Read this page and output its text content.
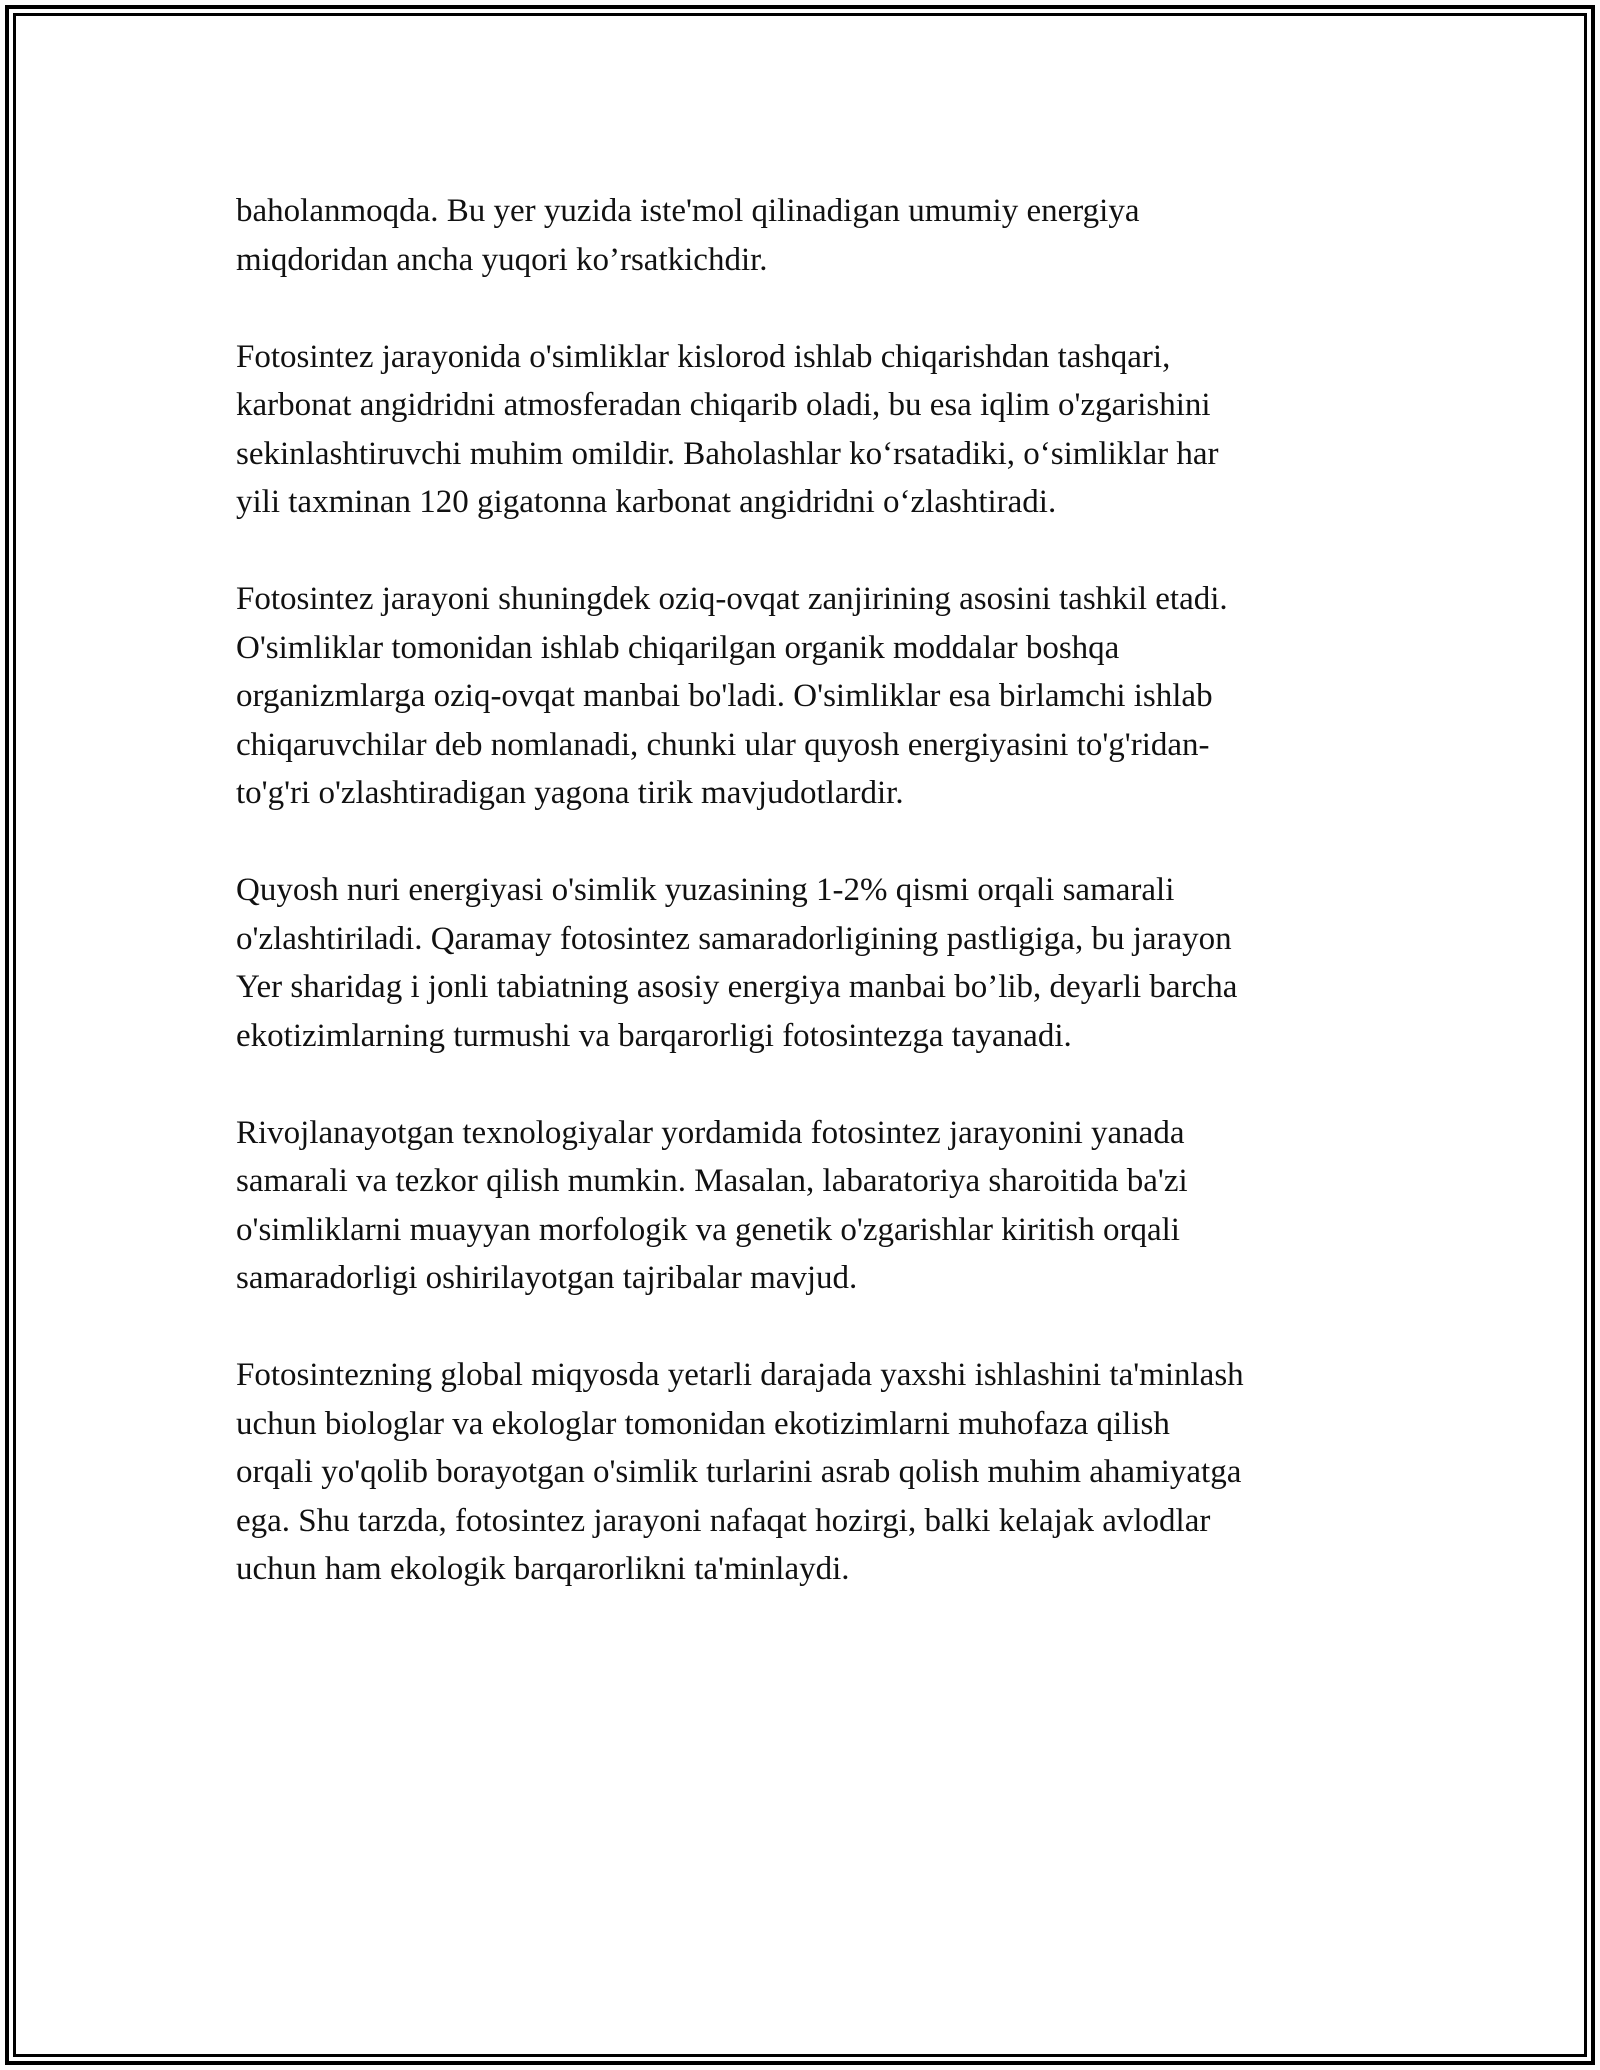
baholanmoqda. Bu yer yuzida iste'mol qilinadigan umumiy energiya
miqdoridan ancha yuqori ko’rsatkichdir.

Fotosintez jarayonida o'simliklar kislorod ishlab chiqarishdan tashqari,
karbonat angidridni atmosferadan chiqarib oladi, bu esa iqlim o'zgarishini
sekinlashtiruvchi muhim omildir. Baholashlar ko‘rsatadiki, o‘simliklar har
yili taxminan 120 gigatonna karbonat angidridni o‘zlashtiradi.

Fotosintez jarayoni shuningdek oziq-ovqat zanjirining asosini tashkil etadi.
O'simliklar tomonidan ishlab chiqarilgan organik moddalar boshqa
organizmlarga oziq-ovqat manbai bo'ladi. O'simliklar esa birlamchi ishlab
chiqaruvchilar deb nomlanadi, chunki ular quyosh energiyasini to'g'ridan-
to'g'ri o'zlashtiradigan yagona tirik mavjudotlardir.

Quyosh nuri energiyasi o'simlik yuzasining 1-2% qismi orqali samarali
o'zlashtiriladi. Qaramay fotosintez samaradorligining pastligiga, bu jarayon
Yer sharidag i jonli tabiatning asosiy energiya manbai bo’lib, deyarli barcha
ekotizimlarning turmushi va barqarorligi fotosintezga tayanadi.

Rivojlanayotgan texnologiyalar yordamida fotosintez jarayonini yanada
samarali va tezkor qilish mumkin. Masalan, labaratoriya sharoitida ba'zi
o'simliklarni muayyan morfologik va genetik o'zgarishlar kiritish orqali
samaradorligi oshirilayotgan tajribalar mavjud.

Fotosintezning global miqyosda yetarli darajada yaxshi ishlashini ta'minlash
uchun biologlar va ekologlar tomonidan ekotizimlarni muhofaza qilish
orqali yo'qolib borayotgan o'simlik turlarini asrab qolish muhim ahamiyatga
ega. Shu tarzda, fotosintez jarayoni nafaqat hozirgi, balki kelajak avlodlar
uchun ham ekologik barqarorlikni ta'minlaydi.
